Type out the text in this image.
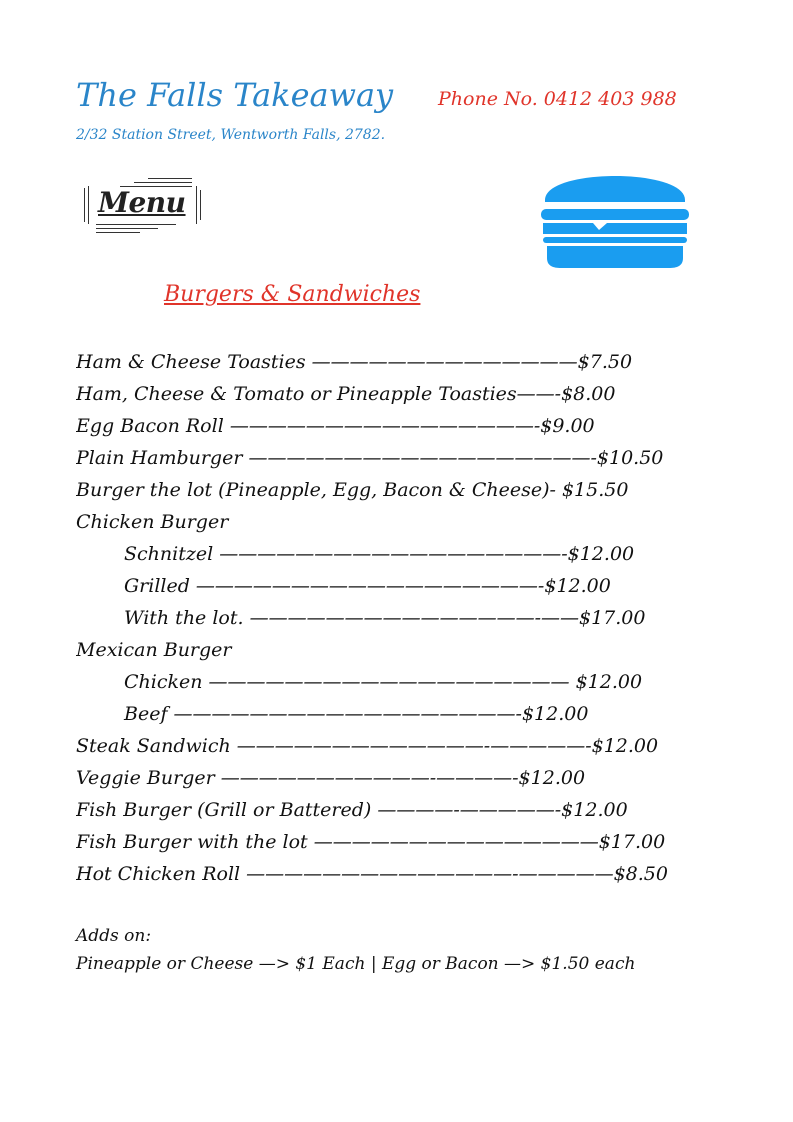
The Falls Takeaway Phone No. 0412 403 988
2/32 Station Street, Wentworth Falls, 2782.
Menu
Burgers & Sandwiches
Ham & Cheese Toasties ——————————————$7.50
Ham, Cheese & Tomato or Pineapple Toasties——-$8.00
Egg Bacon Roll ————————————————-$9.00
Plain Hamburger ——————————————————-$10.50
Burger the lot (Pineapple, Egg, Bacon & Cheese)- $15.50
Chicken Burger
Schnitzel ——————————————————-$12.00
Grilled ——————————————————-$12.00
With the lot. ———————————————-——$17.00
Mexican Burger
Chicken ——————————————————— $12.00
Beef ——————————————————-$12.00
Steak Sandwich —————————————-—————-$12.00
Veggie Burger ———————————-————-$12.00
Fish Burger (Grill or Battered) ————-—————-$12.00
Fish Burger with the lot ———————————————$17.00
Hot Chicken Roll ——————————————-—————$8.50
Adds on:
Pineapple or Cheese —> $1 Each | Egg or Bacon —> $1.50 each
